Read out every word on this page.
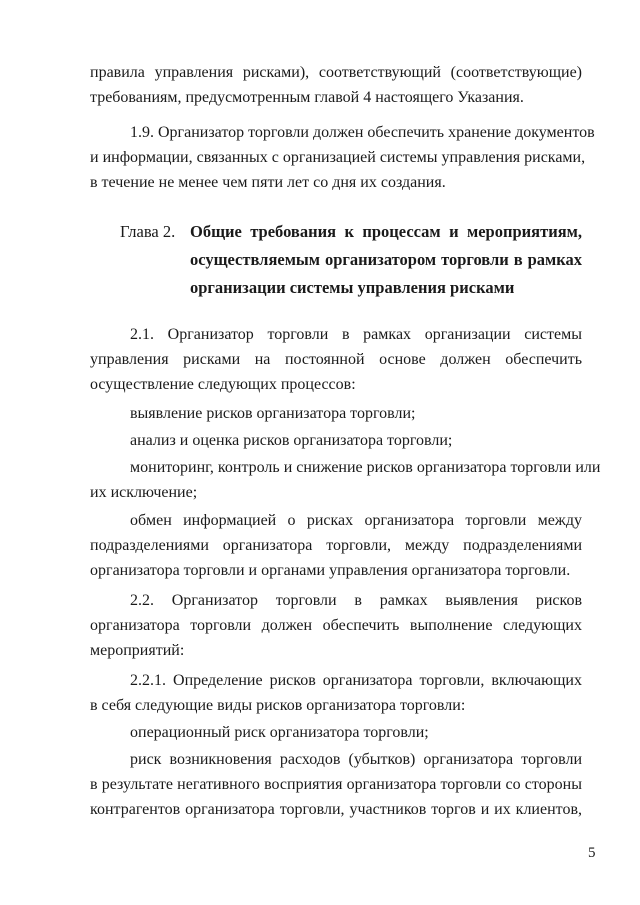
правила управления рисками), соответствующий (соответствующие)
требованиям, предусмотренным главой 4 настоящего Указания.
1.9. Организатор торговли должен обеспечить хранение документов
и информации, связанных с организацией системы управления рисками,
в течение не менее чем пяти лет со дня их создания.
Глава 2. Общие требования к процессам и мероприятиям,
осуществляемым организатором торговли в рамках
организации системы управления рисками
2.1. Организатор торговли в рамках организации системы
управления рисками на постоянной основе должен обеспечить
осуществление следующих процессов:
выявление рисков организатора торговли;
анализ и оценка рисков организатора торговли;
мониторинг, контроль и снижение рисков организатора торговли или
их исключение;
обмен информацией о рисках организатора торговли между
подразделениями организатора торговли, между подразделениями
организатора торговли и органами управления организатора торговли.
2.2. Организатор торговли в рамках выявления рисков
организатора торговли должен обеспечить выполнение следующих
мероприятий:
2.2.1. Определение рисков организатора торговли, включающих
в себя следующие виды рисков организатора торговли:
операционный риск организатора торговли;
риск возникновения расходов (убытков) организатора торговли
в результате негативного восприятия организатора торговли со стороны
контрагентов организатора торговли, участников торгов и их клиентов,
5
